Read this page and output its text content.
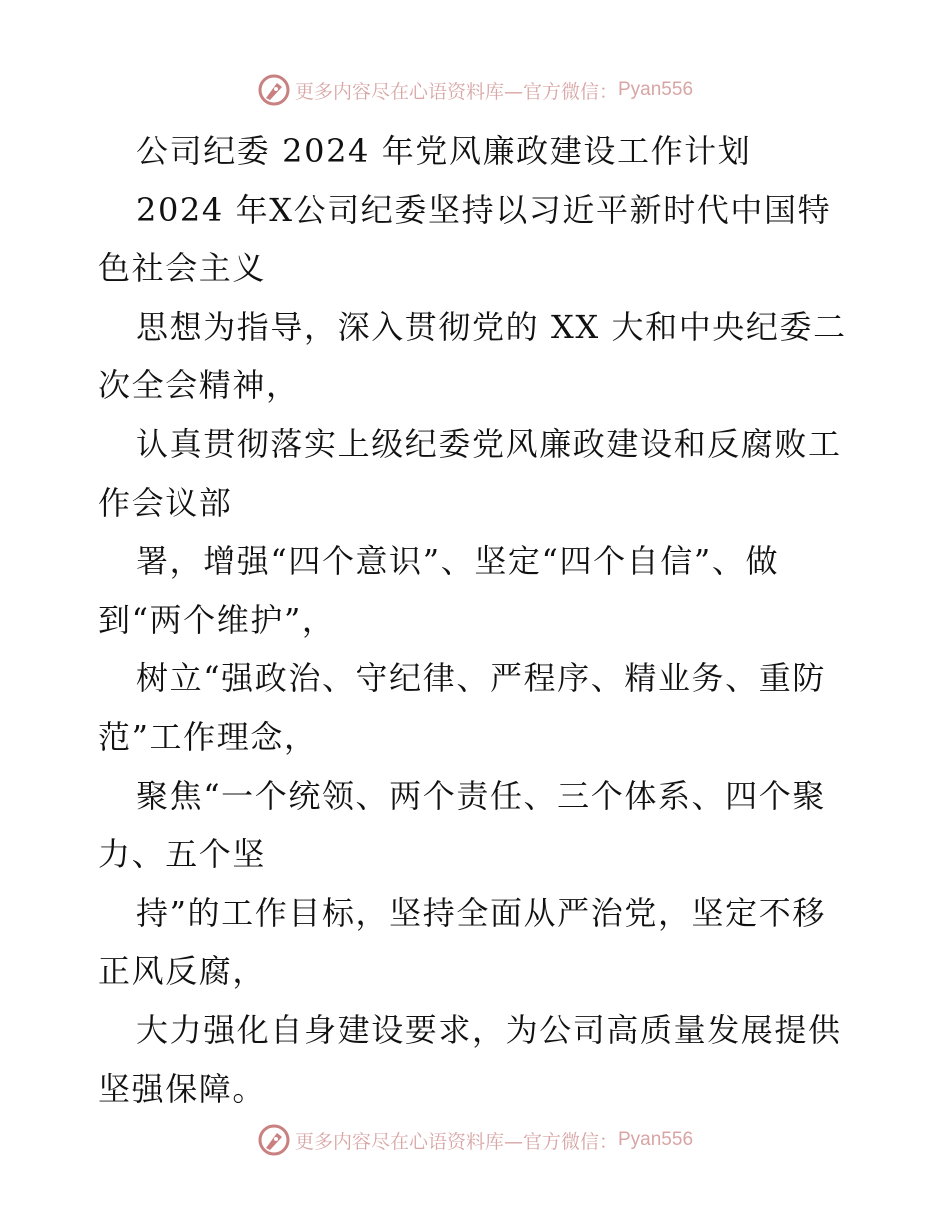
更多内容尽在心语资料库—官方微信： Pyan556
公司纪委 2024 年党风廉政建设工作计划
2024 年X公司纪委坚持以习近平新时代中国特
色社会主义
思想为指导，深入贯彻党的 XX 大和中央纪委二
次全会精神，
认真贯彻落实上级纪委党风廉政建设和反腐败工
作会议部
署，增强“四个意识”、坚定“四个自信”、做
到“两个维护”，
树立“强政治、守纪律、严程序、精业务、重防
范”工作理念，
聚焦“一个统领、两个责任、三个体系、四个聚
力、五个坚
持”的工作目标，坚持全面从严治党，坚定不移
正风反腐，
大力强化自身建设要求，为公司高质量发展提供
坚强保障。
更多内容尽在心语资料库—官方微信： Pyan556
